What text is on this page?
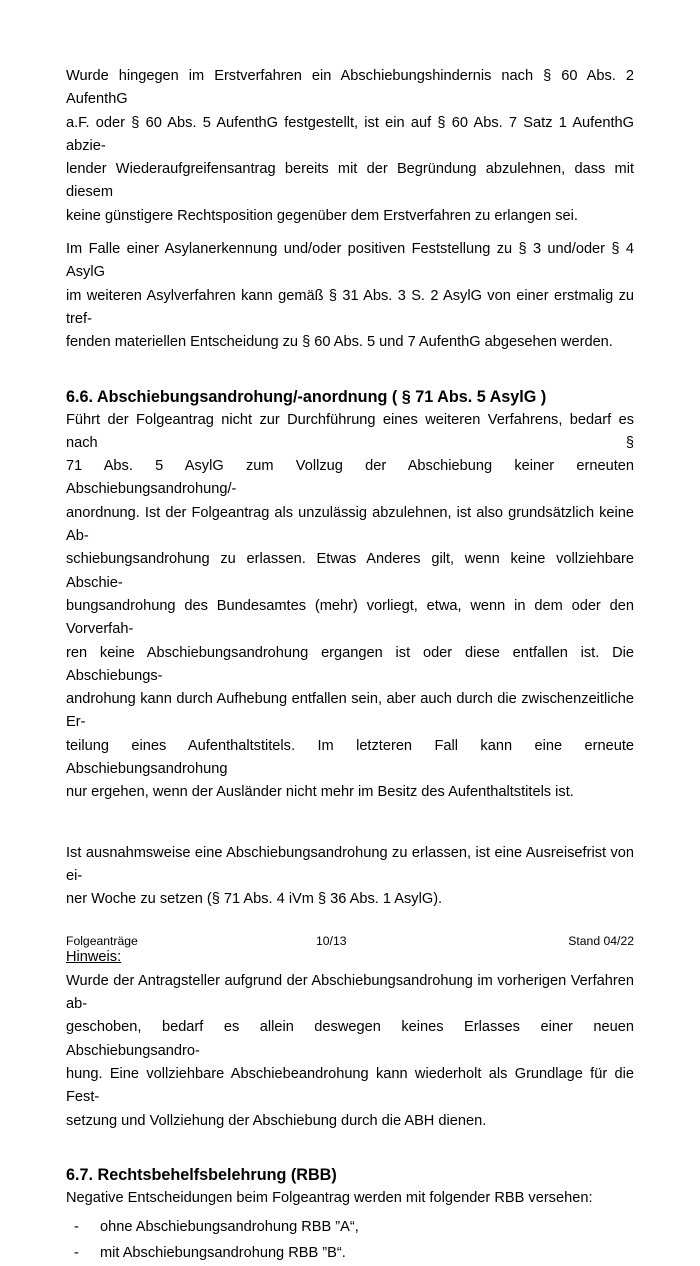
Wurde hingegen im Erstverfahren ein Abschiebungshindernis nach § 60 Abs. 2 AufenthG
a.F. oder § 60 Abs. 5 AufenthG festgestellt, ist ein auf § 60 Abs. 7 Satz 1 AufenthG abzie-
lender Wiederaufgreifensantrag bereits mit der Begründung abzulehnen, dass mit diesem
keine günstigere Rechtsposition gegenüber dem Erstverfahren zu erlangen sei.

Im Falle einer Asylanerkennung und/oder positiven Feststellung zu § 3 und/oder § 4 AsylG
im weiteren Asylverfahren kann gemäß § 31 Abs. 3 S. 2 AsylG von einer erstmalig zu tref-
fenden materiellen Entscheidung zu § 60 Abs. 5 und 7 AufenthG abgesehen werden.

6.6. Abschiebungsandrohung/-anordnung ( § 71 Abs. 5 AsylG )

Führt der Folgeantrag nicht zur Durchführung eines weiteren Verfahrens, bedarf es nach §
71 Abs. 5 AsylG zum Vollzug der Abschiebung keiner erneuten Abschiebungsandrohung/-
anordnung. Ist der Folgeantrag als unzulässig abzulehnen, ist also grundsätzlich keine Ab-
schiebungsandrohung zu erlassen. Etwas Anderes gilt, wenn keine vollziehbare Abschie-
bungsandrohung des Bundesamtes (mehr) vorliegt, etwa, wenn in dem oder den Vorverfah-
ren keine Abschiebungsandrohung ergangen ist oder diese entfallen ist. Die Abschiebungs-
androhung kann durch Aufhebung entfallen sein, aber auch durch die zwischenzeitliche Er-
teilung eines Aufenthaltstitels. Im letzteren Fall kann eine erneute Abschiebungsandrohung
nur ergehen, wenn der Ausländer nicht mehr im Besitz des Aufenthaltstitels ist.

Ist ausnahmsweise eine Abschiebungsandrohung zu erlassen, ist eine Ausreisefrist von ei-
ner Woche zu setzen (§ 71 Abs. 4 iVm § 36 Abs. 1 AsylG).

Hinweis:

Wurde der Antragsteller aufgrund der Abschiebungsandrohung im vorherigen Verfahren ab-
geschoben, bedarf es allein deswegen keines Erlasses einer neuen Abschiebungsandro-
hung. Eine vollziehbare Abschiebeandrohung kann wiederholt als Grundlage für die Fest-
setzung und Vollziehung der Abschiebung durch die ABH dienen.

6.7. Rechtsbehelfsbelehrung (RBB)

Negative Entscheidungen beim Folgeantrag werden mit folgender RBB versehen:

- ohne Abschiebungsandrohung RBB ”A“,
- mit Abschiebungsandrohung RBB ”B“.
Folgeanträge	10/13	Stand 04/22
